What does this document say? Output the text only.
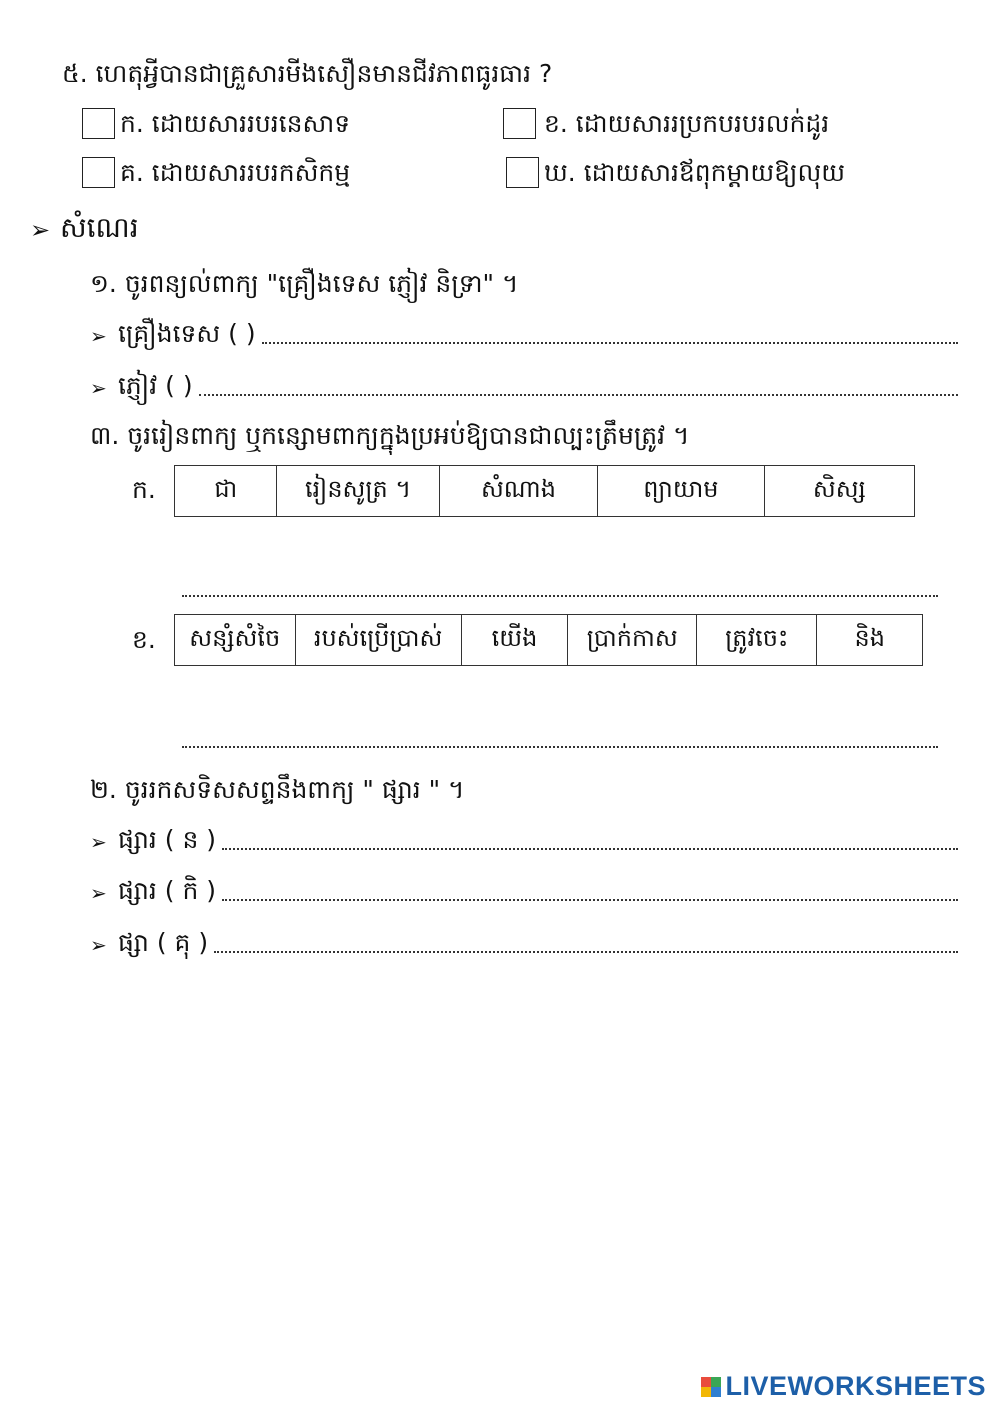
៥. ហេតុអ្វីបានជាគ្រួសារមីងសឿនមានជីវភាពធូរធារ ?
ក. ដោយសាររបរនេសាទ	ខ. ដោយសាររប្រកបរបរលក់ដូរ
គ. ដោយសាររបរកសិកម្ម	ឃ. ដោយសារឪពុកម្តាយឱ្យលុយ
➢ សំណេរ
១. ចូរពន្យល់ពាក្យ "គ្រឿងទេស ភ្ញៀវ និទ្រា" ។
➢ គ្រឿងទេស ( )
➢ ភ្ញៀវ ( )
៣. ចូររៀនពាក្យ ឬកន្សោមពាក្យក្នុងប្រអប់ឱ្យបានជាល្បះត្រឹមត្រូវ ។
ក. ជា	រៀនសូត្រ ។	សំណាង	ព្យាយាម	សិស្ស
ខ. សន្សំសំចៃ	របស់ប្រើប្រាស់	យើង	ប្រាក់កាស	ត្រូវចេះ	និង
២. ចូររកសទិសសព្ទនឹងពាក្យ " ផ្សារ " ។
➢ ផ្សារ ( ន )
➢ ផ្សារ ( កិ )
➢ ផ្សា ( គុ )
LIVEWORKSHEETS
